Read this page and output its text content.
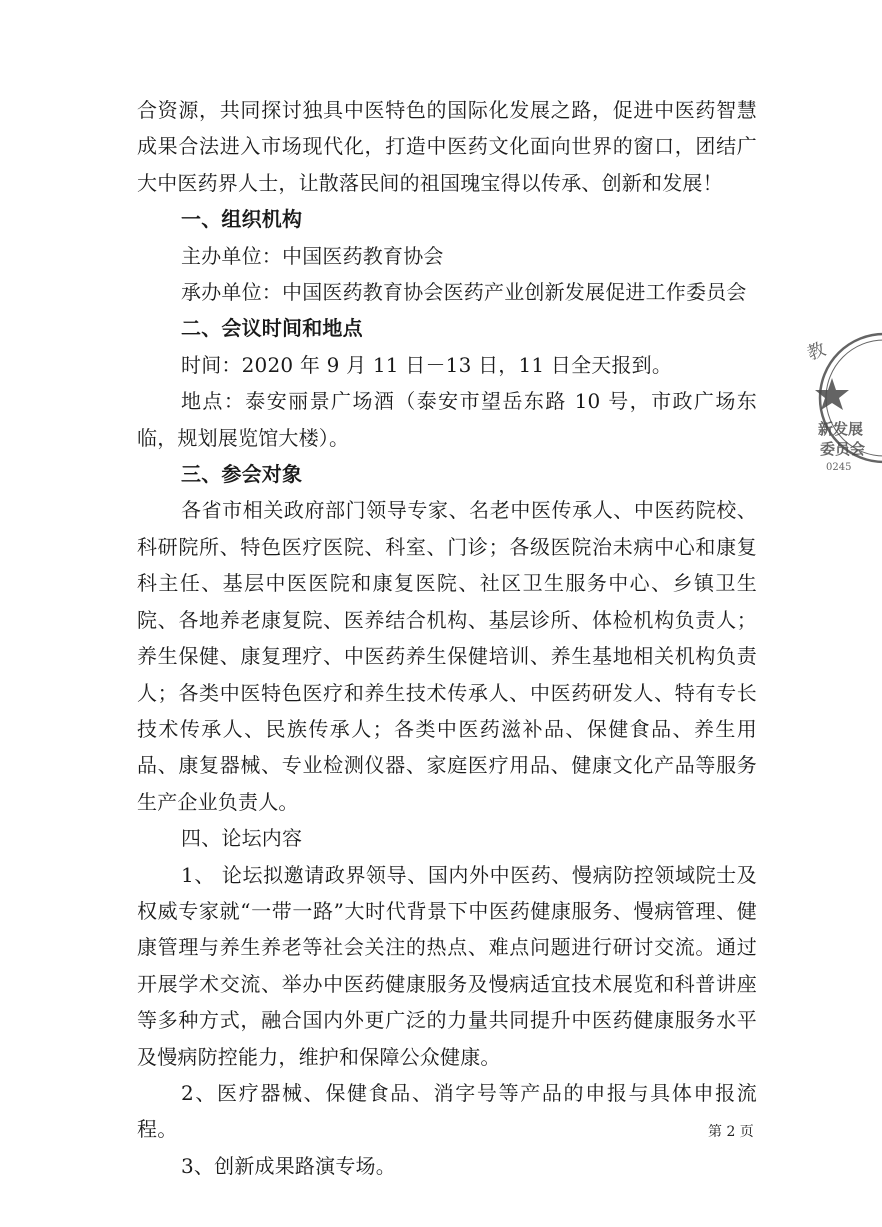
合资源，共同探讨独具中医特色的国际化发展之路，促进中医药智慧成果合法进入市场现代化，打造中医药文化面向世界的窗口，团结广大中医药界人士，让散落民间的祖国瑰宝得以传承、创新和发展！

一、组织机构

主办单位：中国医药教育协会

承办单位：中国医药教育协会医药产业创新发展促进工作委员会

二、会议时间和地点

时间：2020 年 9 月 11 日－13 日，11 日全天报到。

地点：泰安丽景广场酒（泰安市望岳东路 10 号，市政广场东临，规划展览馆大楼）。

三、参会对象

各省市相关政府部门领导专家、名老中医传承人、中医药院校、科研院所、特色医疗医院、科室、门诊；各级医院治未病中心和康复科主任、基层中医医院和康复医院、社区卫生服务中心、乡镇卫生院、各地养老康复院、医养结合机构、基层诊所、体检机构负责人；养生保健、康复理疗、中医药养生保健培训、养生基地相关机构负责人；各类中医特色医疗和养生技术传承人、中医药研发人、特有专长技术传承人、民族传承人；各类中医药滋补品、保健食品、养生用品、康复器械、专业检测仪器、家庭医疗用品、健康文化产品等服务生产企业负责人。

四、论坛内容

1、 论坛拟邀请政界领导、国内外中医药、慢病防控领域院士及权威专家就“一带一路”大时代背景下中医药健康服务、慢病管理、健康管理与养生养老等社会关注的热点、难点问题进行研讨交流。通过开展学术交流、举办中医药健康服务及慢病适宜技术展览和科普讲座等多种方式，融合国内外更广泛的力量共同提升中医药健康服务水平及慢病防控能力，维护和保障公众健康。

2、医疗器械、保健食品、消字号等产品的申报与具体申报流程。

3、创新成果路演专场。

教
新发展
委员会
0245
第 2 页
